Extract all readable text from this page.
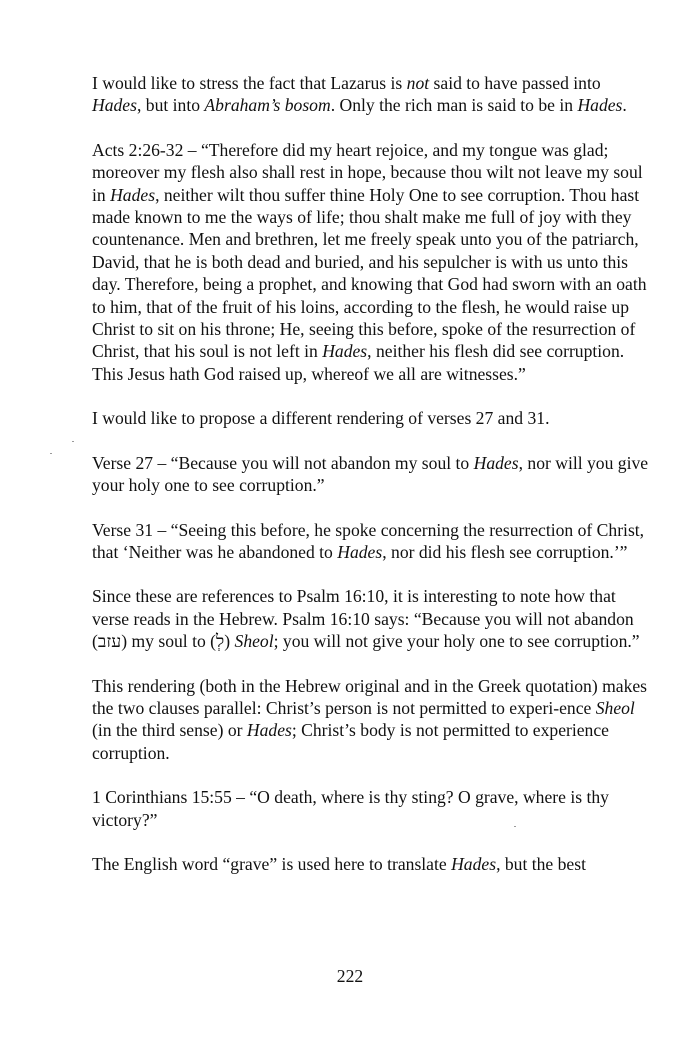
I would like to stress the fact that Lazarus is not said to have passed into Hades, but into Abraham’s bosom. Only the rich man is said to be in Hades.

Acts 2:26-32 – “Therefore did my heart rejoice, and my tongue was glad; moreover my flesh also shall rest in hope, because thou wilt not leave my soul in Hades, neither wilt thou suffer thine Holy One to see corruption. Thou hast made known to me the ways of life; thou shalt make me full of joy with they countenance. Men and brethren, let me freely speak unto you of the patriarch, David, that he is both dead and buried, and his sepulcher is with us unto this day. Therefore, being a prophet, and knowing that God had sworn with an oath to him, that of the fruit of his loins, according to the flesh, he would raise up Christ to sit on his throne; He, seeing this before, spoke of the resurrection of Christ, that his soul is not left in Hades, neither his flesh did see corruption. This Jesus hath God raised up, whereof we all are witnesses.”

I would like to propose a different rendering of verses 27 and 31.

Verse 27 – “Because you will not abandon my soul to Hades, nor will you give your holy one to see corruption.”

Verse 31 – “Seeing this before, he spoke concerning the resurrection of Christ, that ‘Neither was he abandoned to Hades, nor did his flesh see corruption.’”

Since these are references to Psalm 16:10, it is interesting to note how that verse reads in the Hebrew. Psalm 16:10 says: “Because you will not abandon (עזב) my soul to (לְ) Sheol; you will not give your holy one to see corruption.”

This rendering (both in the Hebrew original and in the Greek quotation) makes the two clauses parallel: Christ’s person is not permitted to experi-ence Sheol (in the third sense) or Hades; Christ’s body is not permitted to experience corruption.

1 Corinthians 15:55 – “O death, where is thy sting? O grave, where is thy victory?”

The English word “grave” is used here to translate Hades, but the best

222
